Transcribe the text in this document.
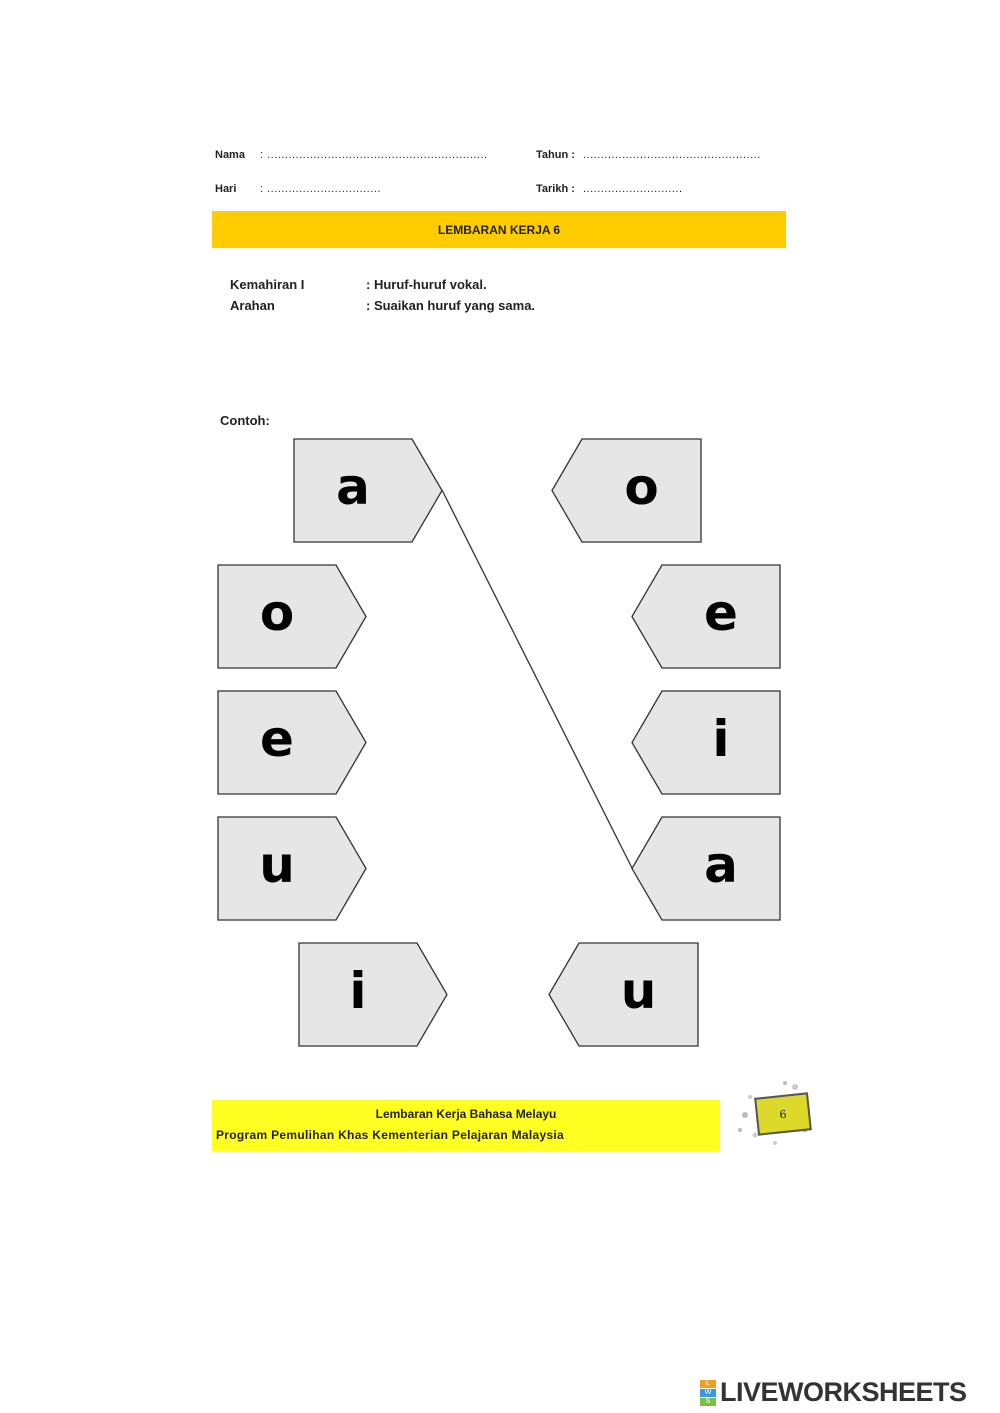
Nama : ..............................................................	Tahun : ..................................................
Hari : ................................	Tarikh : ............................
LEMBARAN KERJA 6
Kemahiran I	: Huruf-huruf vokal.
Arahan	: Suaikan huruf yang sama.
Contoh:
a
o
e
u
i
o
e
i
a
u
Lembaran Kerja Bahasa Melayu
Program Pemulihan Khas Kementerian Pelajaran Malaysia
6
L
W
S LIVEWORKSHEETS
